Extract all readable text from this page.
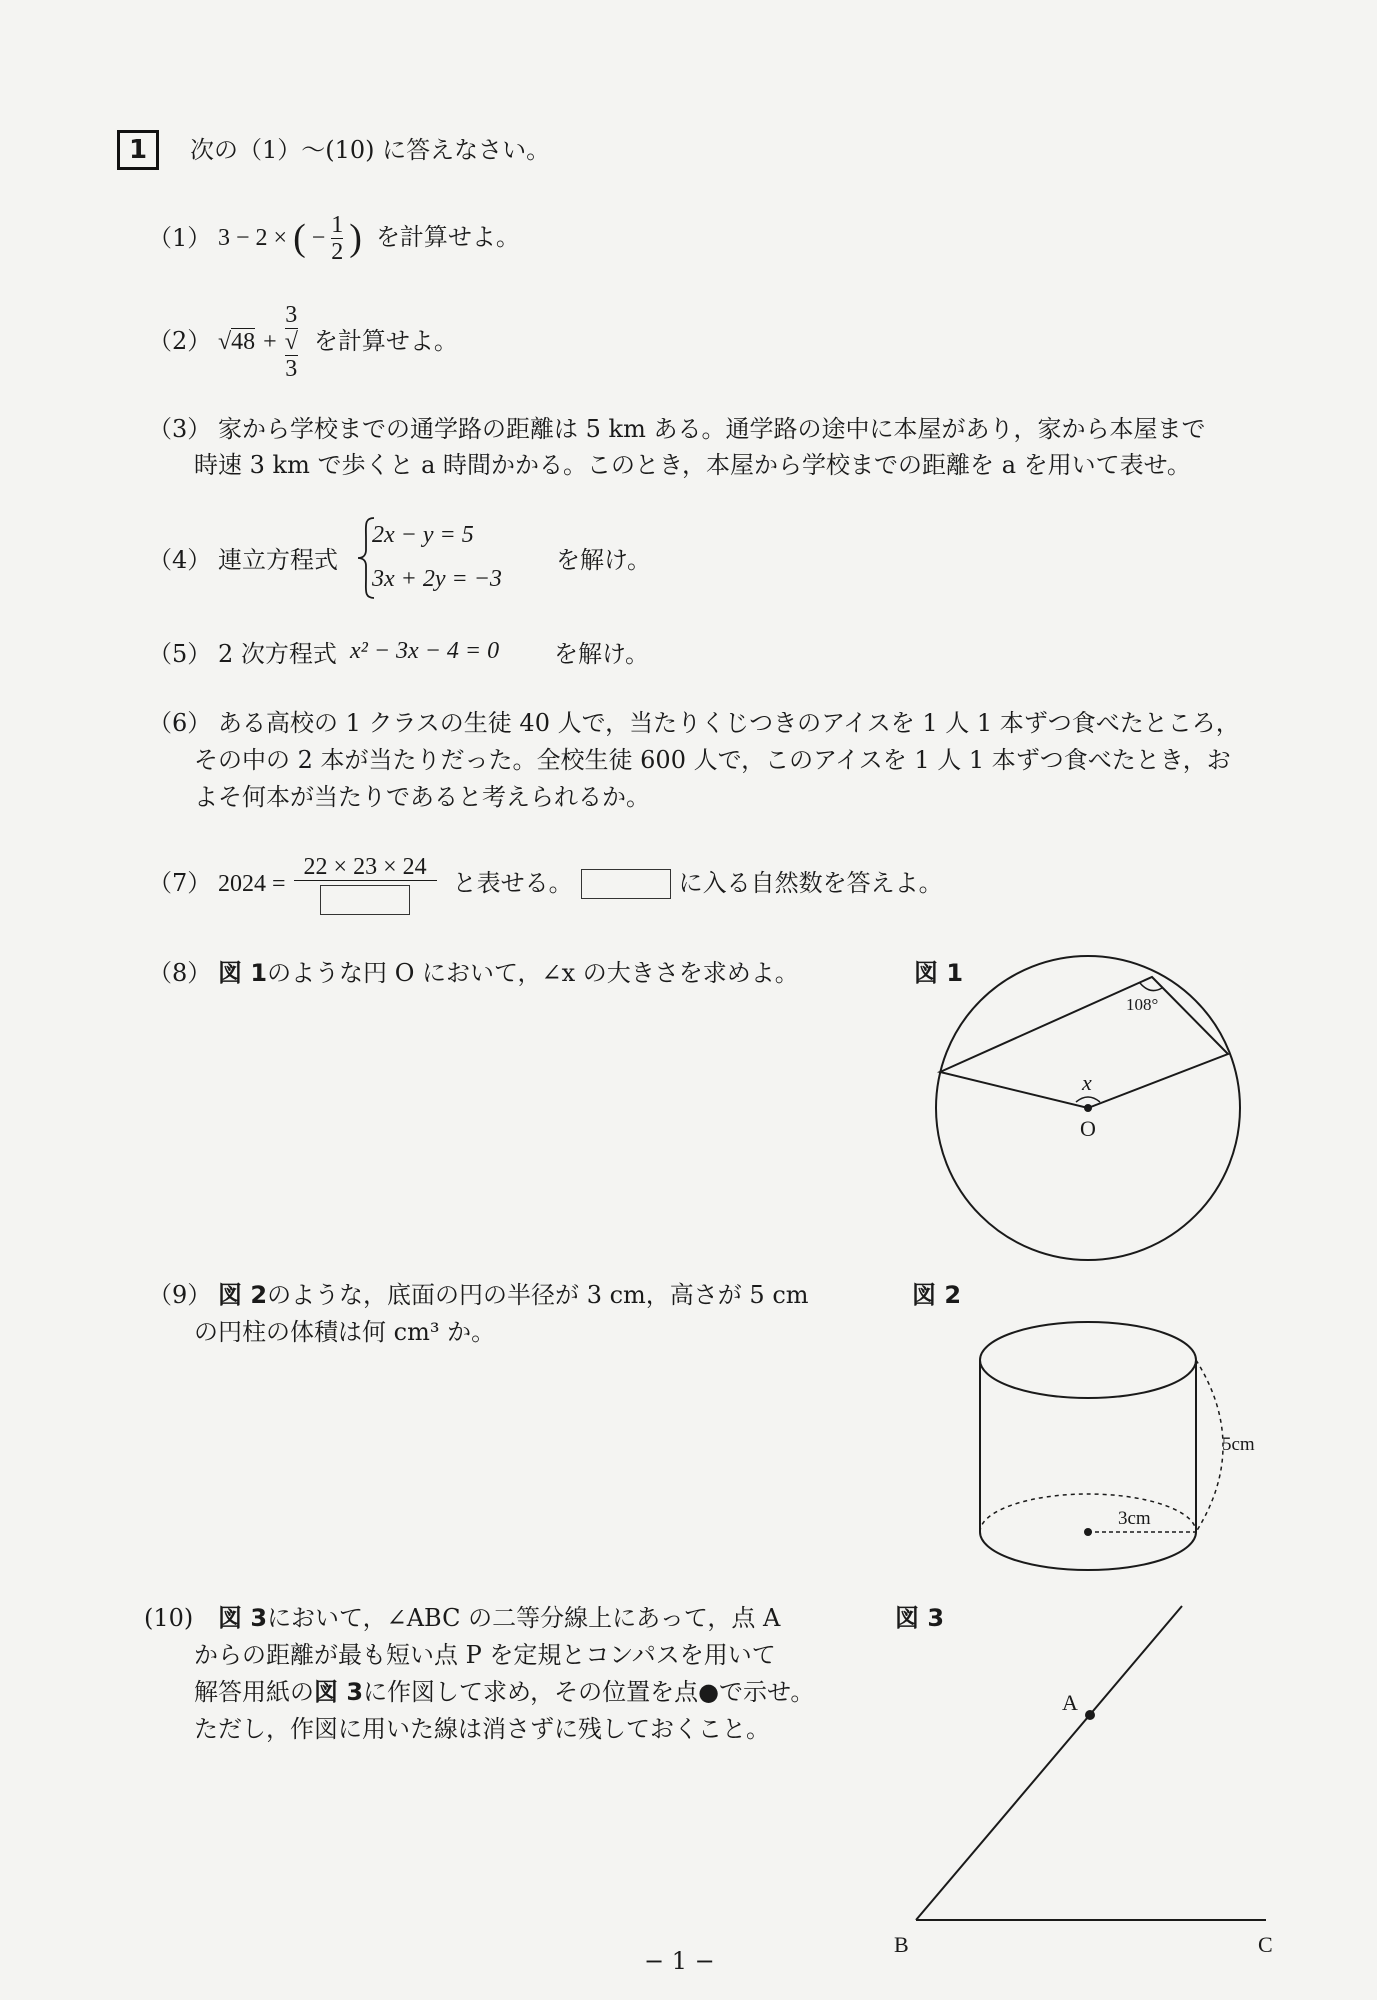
1	次の（1）〜(10) に答えなさい。
（1） 3 − 2 × ( − $\frac{1}{2}$ ) を計算せよ。
（2） √48 + 3
√
3 を計算せよ。
（3） 家から学校までの通学路の距離は 5 km ある。通学路の途中に本屋があり，家から本屋まで
時速 3 km で歩くと a 時間かかる。このとき，本屋から学校までの距離を a を用いて表せ。
（4） 連立方程式
2x − y = 5
3x + 2y = −3
を解け。
（5） 2 次方程式 x² − 3x − 4 = 0 を解け。
（6） ある高校の 1 クラスの生徒 40 人で，当たりくじつきのアイスを 1 人 1 本ずつ食べたところ，
その中の 2 本が当たりだった。全校生徒 600 人で，このアイスを 1 人 1 本ずつ食べたとき，お
よそ何本が当たりであると考えられるか。
（7） 2024 =
22 × 23 × 24
と表せる。	に入る自然数を答えよ。
（8） 図 1のような円 O において，∠x の大きさを求めよ。	図 1
108°
x
O
（9） 図 2のような，底面の円の半径が 3 cm，高さが 5 cm
の円柱の体積は何 cm³ か。
図 2
5cm
3cm
(10) 図 3において，∠ABC の二等分線上にあって，点 A
からの距離が最も短い点 P を定規とコンパスを用いて
解答用紙の図 3に作図して求め，その位置を点●で示せ。
ただし，作図に用いた線は消さずに残しておくこと。
図 3
A
B	C
− 1 −
